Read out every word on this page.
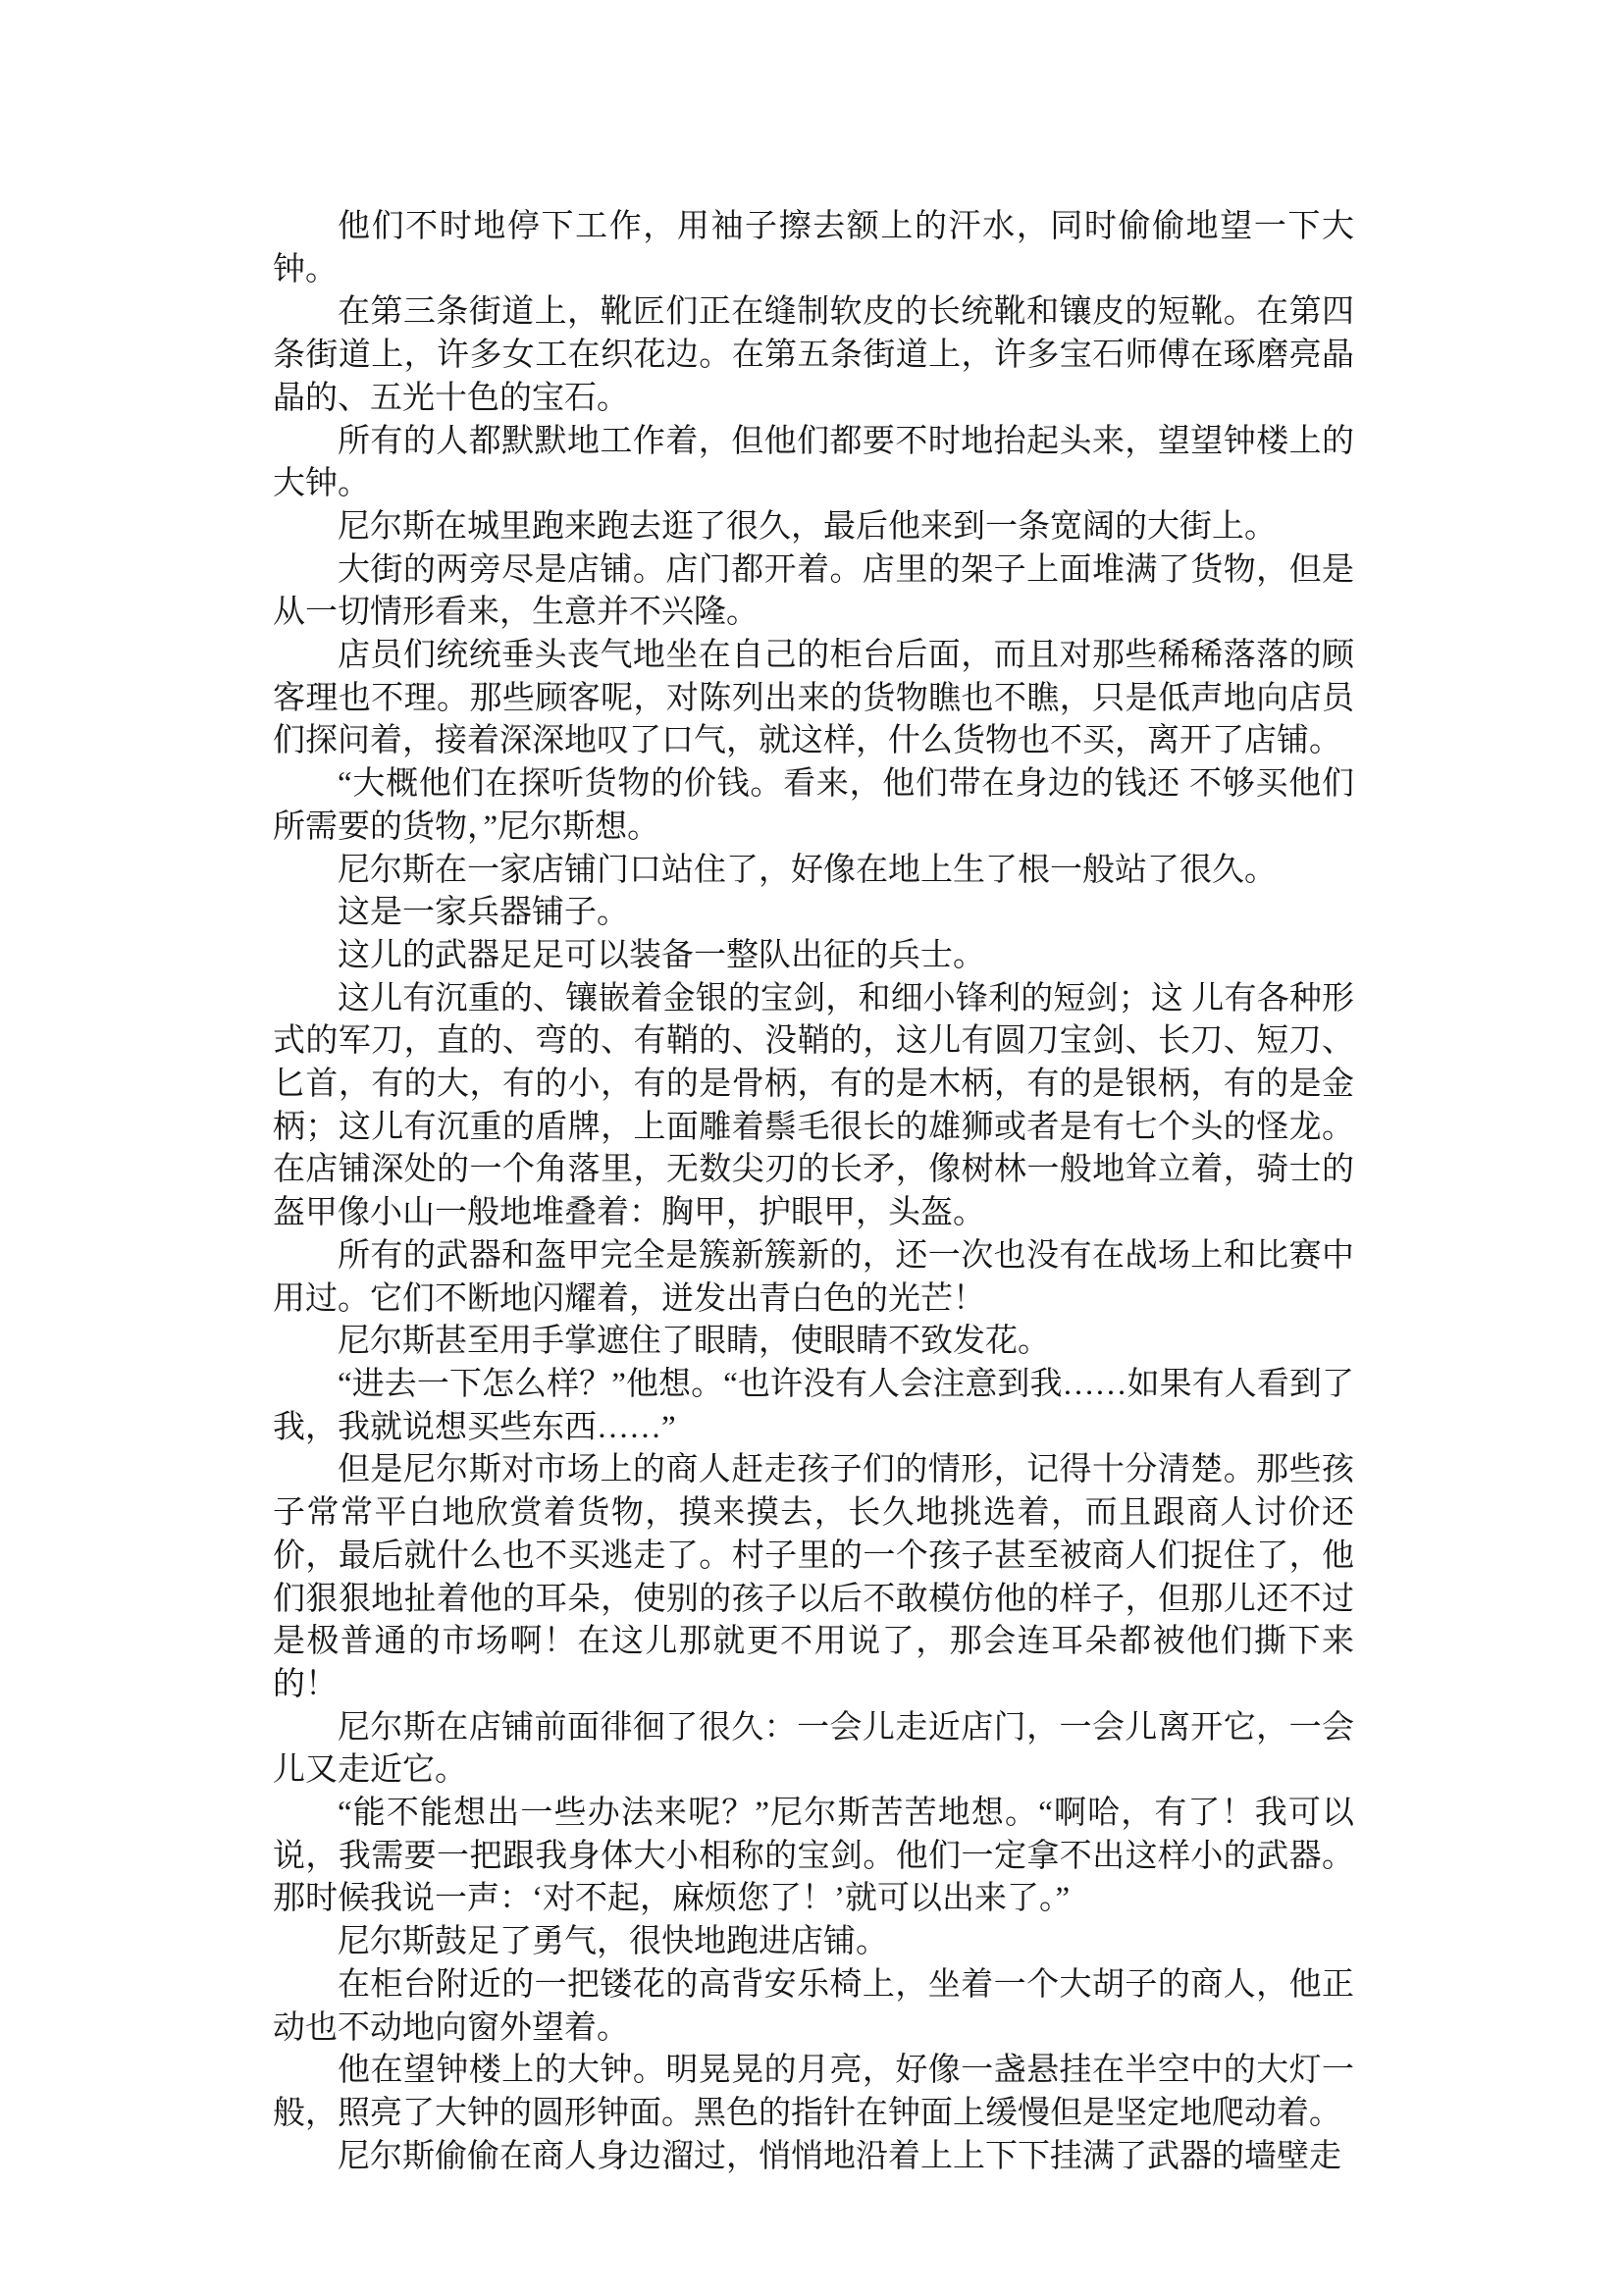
他们不时地停下工作，用袖子擦去额上的汗水，同时偷偷地望一下大钟。

在第三条街道上，靴匠们正在缝制软皮的长统靴和镶皮的短靴。在第四条街道上，许多女工在织花边。在第五条街道上，许多宝石师傅在琢磨亮晶晶的、五光十色的宝石。

所有的人都默默地工作着，但他们都要不时地抬起头来，望望钟楼上的大钟。

尼尔斯在城里跑来跑去逛了很久，最后他来到一条宽阔的大街上。

大街的两旁尽是店铺。店门都开着。店里的架子上面堆满了货物，但是从一切情形看来，生意并不兴隆。

店员们统统垂头丧气地坐在自己的柜台后面，而且对那些稀稀落落的顾客理也不理。那些顾客呢，对陈列出来的货物瞧也不瞧，只是低声地向店员们探问着，接着深深地叹了口气，就这样，什么货物也不买，离开了店铺。

“大概他们在探听货物的价钱。看来，他们带在身边的钱还 不够买他们所需要的货物，”尼尔斯想。

尼尔斯在一家店铺门口站住了，好像在地上生了根一般站了很久。

这是一家兵器铺子。

这儿的武器足足可以装备一整队出征的兵士。

这儿有沉重的、镶嵌着金银的宝剑，和细小锋利的短剑；这 儿有各种形式的军刀，直的、弯的、有鞘的、没鞘的，这儿有圆刀宝剑、长刀、短刀、匕首，有的大，有的小，有的是骨柄，有的是木柄，有的是银柄，有的是金柄；这儿有沉重的盾牌，上面雕着鬃毛很长的雄狮或者是有七个头的怪龙。在店铺深处的一个角落里，无数尖刃的长矛，像树林一般地耸立着，骑士的盔甲像小山一般地堆叠着：胸甲，护眼甲，头盔。

所有的武器和盔甲完全是簇新簇新的，还一次也没有在战场上和比赛中用过。它们不断地闪耀着，迸发出青白色的光芒！

尼尔斯甚至用手掌遮住了眼睛，使眼睛不致发花。

“进去一下怎么样？”他想。“也许没有人会注意到我……如果有人看到了我，我就说想买些东西……”

但是尼尔斯对市场上的商人赶走孩子们的情形，记得十分清楚。那些孩子常常平白地欣赏着货物，摸来摸去，长久地挑选着，而且跟商人讨价还价，最后就什么也不买逃走了。村子里的一个孩子甚至被商人们捉住了，他们狠狠地扯着他的耳朵，使别的孩子以后不敢模仿他的样子，但那儿还不过是极普通的市场啊！在这儿那就更不用说了，那会连耳朵都被他们撕下来的！

尼尔斯在店铺前面徘徊了很久：一会儿走近店门，一会儿离开它，一会儿又走近它。

“能不能想出一些办法来呢？”尼尔斯苦苦地想。“啊哈，有了！我可以说，我需要一把跟我身体大小相称的宝剑。他们一定拿不出这样小的武器。那时候我说一声：‘对不起，麻烦您了！’就可以出来了。”

尼尔斯鼓足了勇气，很快地跑进店铺。

在柜台附近的一把镂花的高背安乐椅上，坐着一个大胡子的商人，他正动也不动地向窗外望着。

他在望钟楼上的大钟。明晃晃的月亮，好像一盏悬挂在半空中的大灯一般，照亮了大钟的圆形钟面。黑色的指针在钟面上缓慢但是坚定地爬动着。

尼尔斯偷偷在商人身边溜过，悄悄地沿着上上下下挂满了武器的墙壁走
